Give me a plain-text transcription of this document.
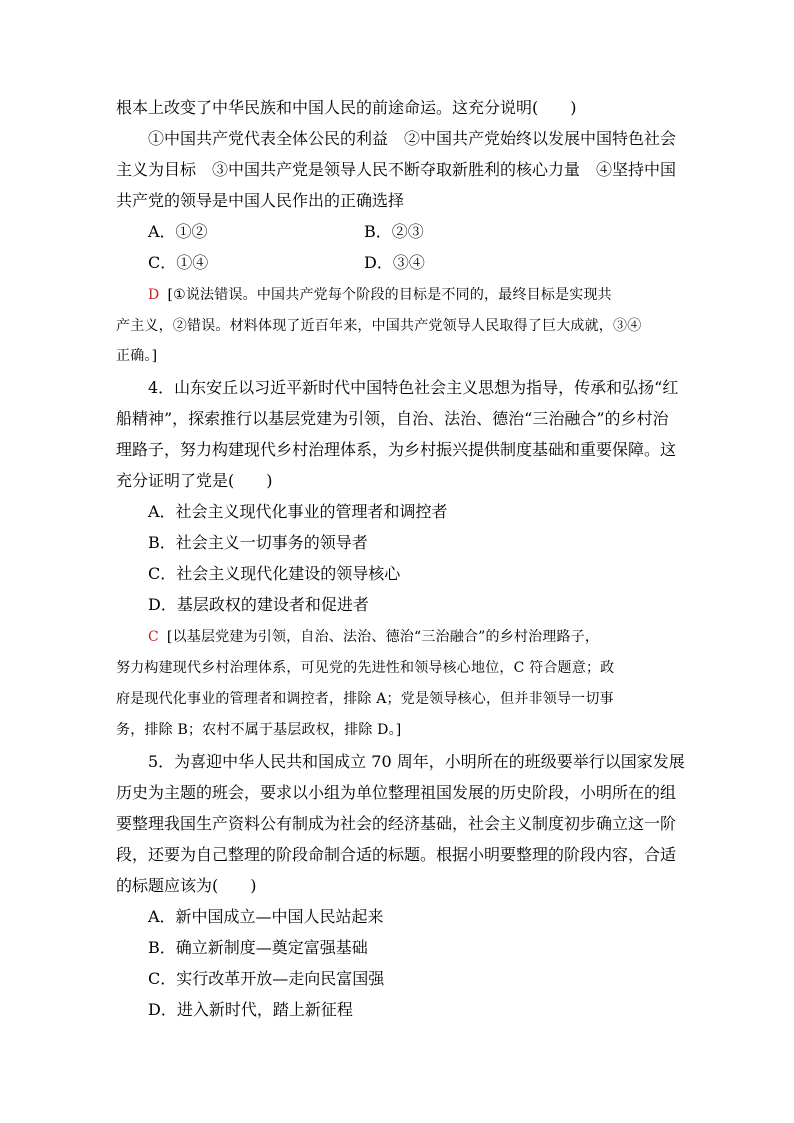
根本上改变了中华民族和中国人民的前途命运。这充分说明(　　)
①中国共产党代表全体公民的利益　②中国共产党始终以发展中国特色社会
主义为目标　③中国共产党是领导人民不断夺取新胜利的核心力量　④坚持中国
共产党的领导是中国人民作出的正确选择
A．①②	B．②③
C．①④	D．③④
D [①说法错误。中国共产党每个阶段的目标是不同的，最终目标是实现共
产主义，②错误。材料体现了近百年来，中国共产党领导人民取得了巨大成就，③④
正确。]
4．山东安丘以习近平新时代中国特色社会主义思想为指导，传承和弘扬“红
船精神”，探索推行以基层党建为引领，自治、法治、德治“三治融合”的乡村治
理路子，努力构建现代乡村治理体系，为乡村振兴提供制度基础和重要保障。这
充分证明了党是(　　)
A．社会主义现代化事业的管理者和调控者
B．社会主义一切事务的领导者
C．社会主义现代化建设的领导核心
D．基层政权的建设者和促进者
C [以基层党建为引领，自治、法治、德治“三治融合”的乡村治理路子，
努力构建现代乡村治理体系，可见党的先进性和领导核心地位，C 符合题意；政
府是现代化事业的管理者和调控者，排除 A；党是领导核心，但并非领导一切事
务，排除 B；农村不属于基层政权，排除 D。]
5．为喜迎中华人民共和国成立 70 周年，小明所在的班级要举行以国家发展
历史为主题的班会，要求以小组为单位整理祖国发展的历史阶段，小明所在的组
要整理我国生产资料公有制成为社会的经济基础，社会主义制度初步确立这一阶
段，还要为自己整理的阶段命制合适的标题。根据小明要整理的阶段内容，合适
的标题应该为(　　)
A．新中国成立—中国人民站起来
B．确立新制度—奠定富强基础
C．实行改革开放—走向民富国强
D．进入新时代，踏上新征程
